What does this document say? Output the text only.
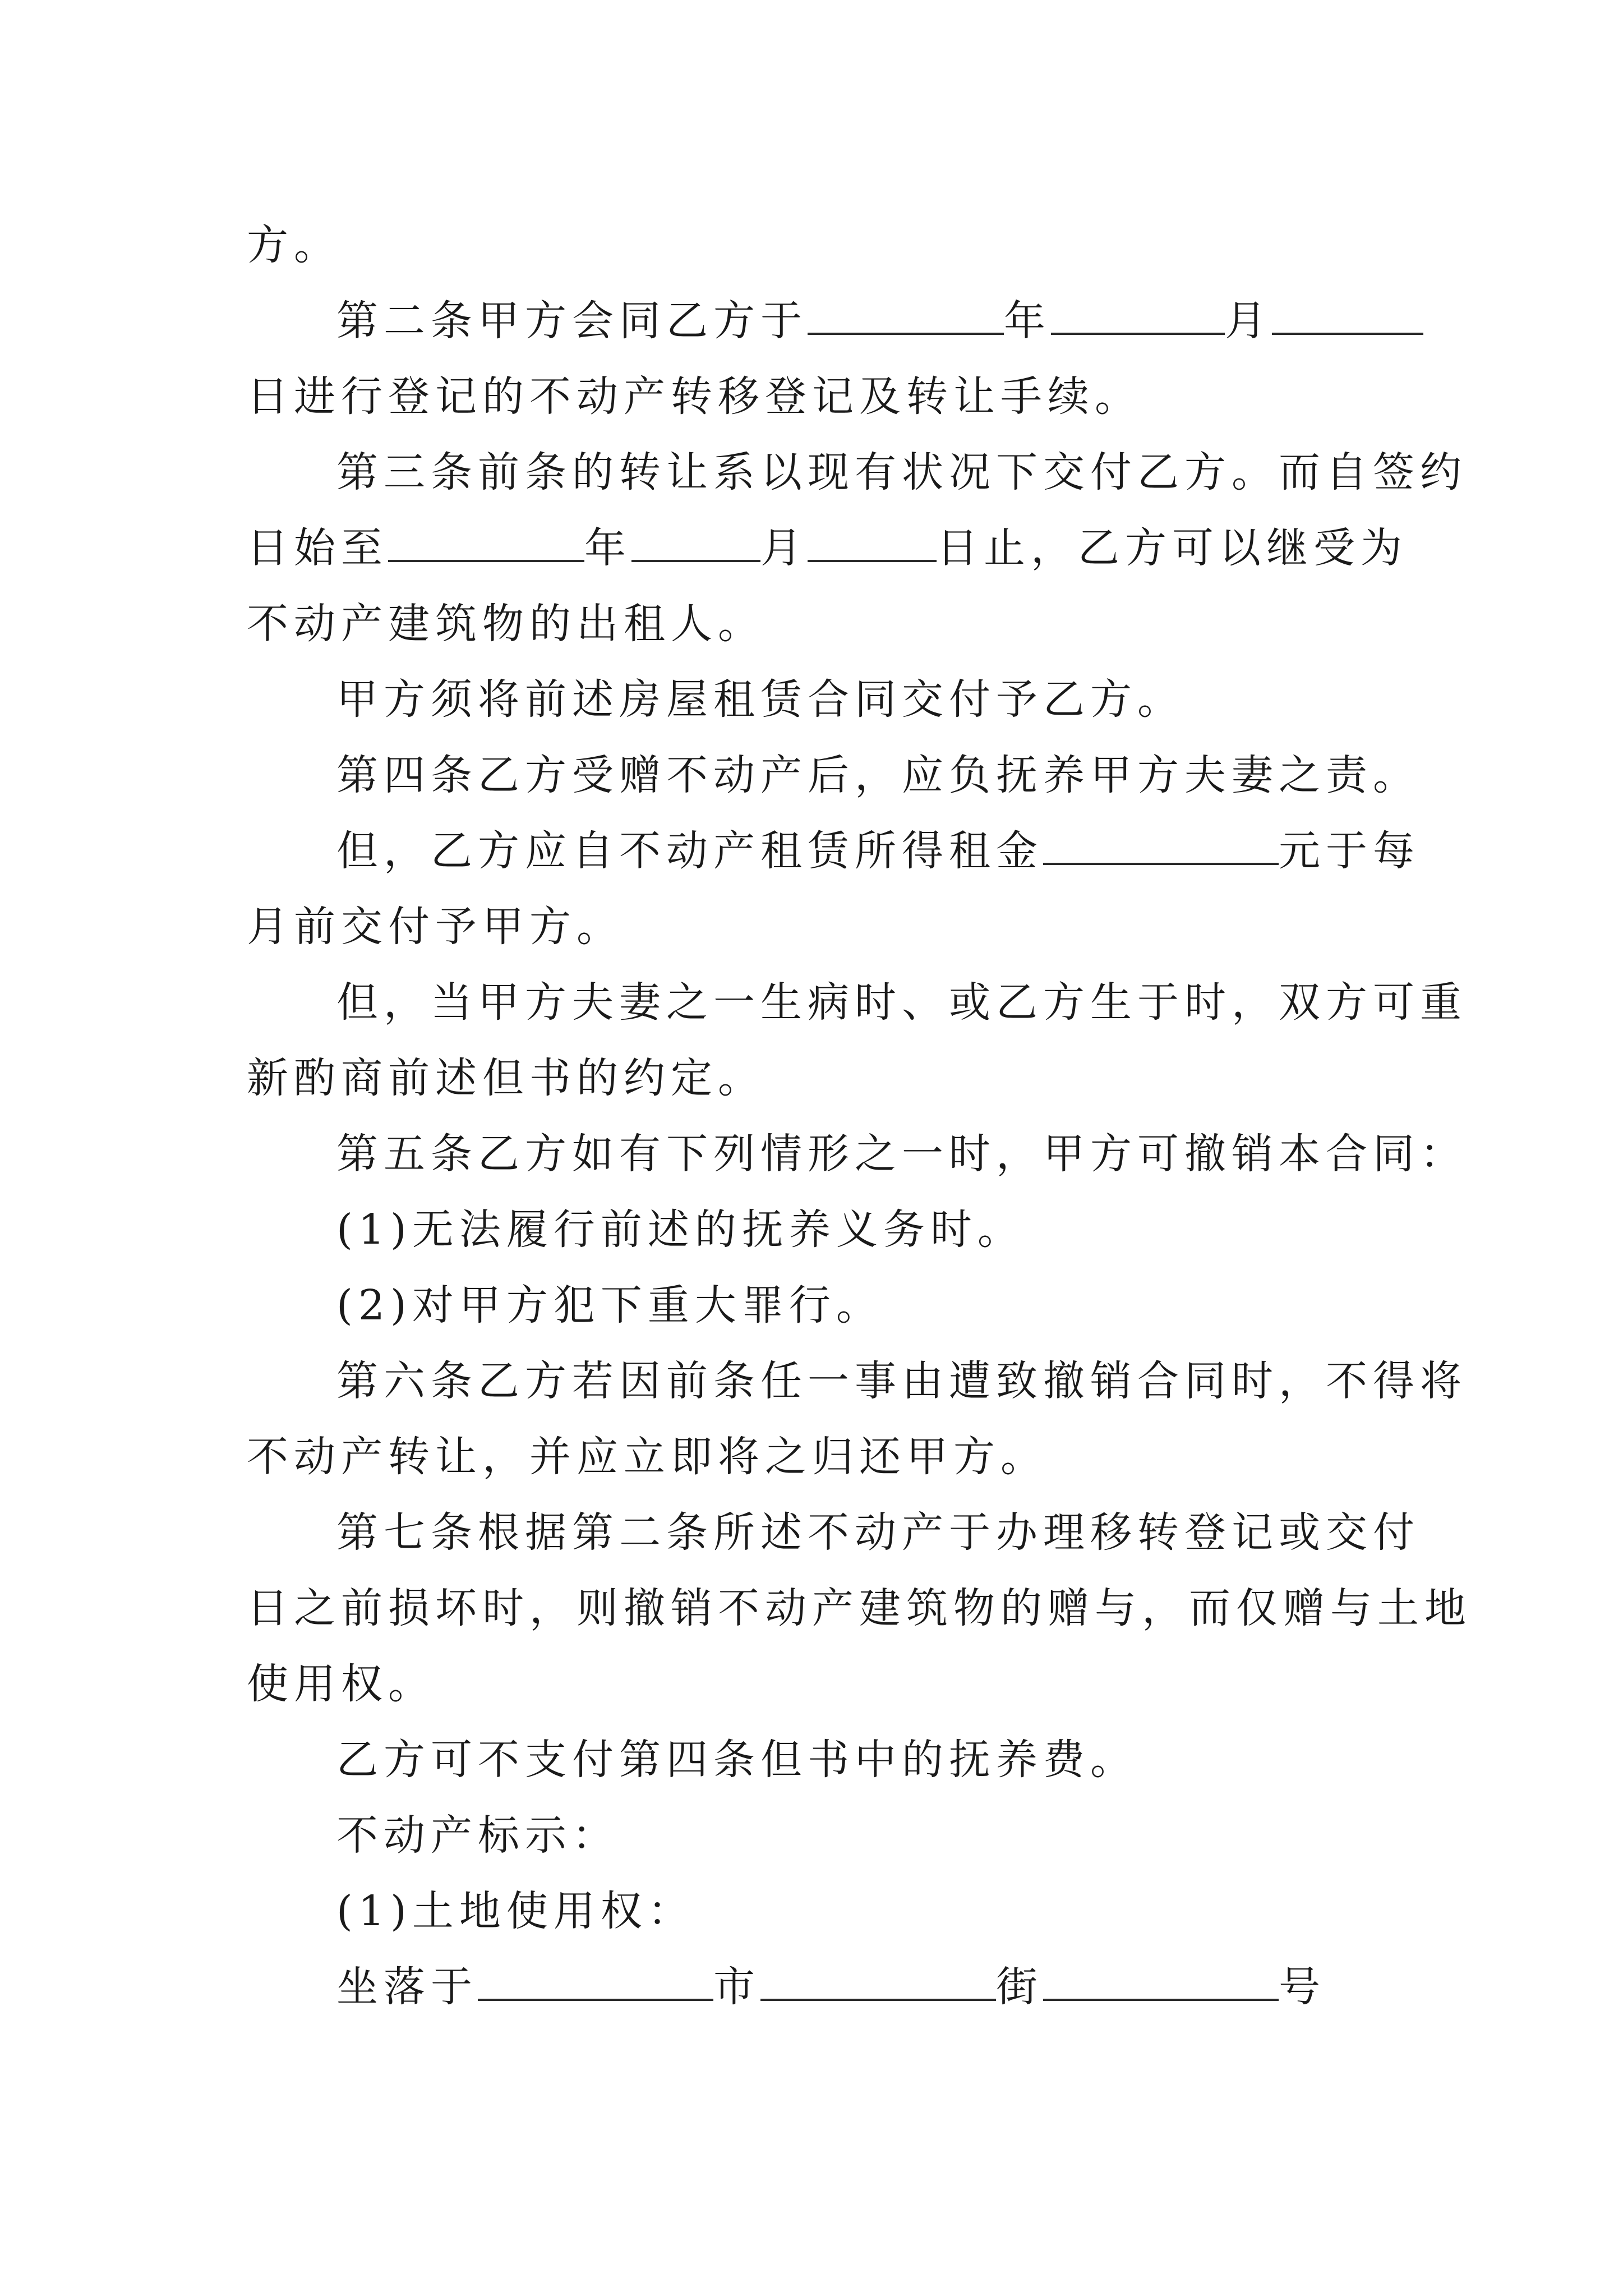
方。
第二条甲方会同乙方于	年	月
日进行登记的不动产转移登记及转让手续。
第三条前条的转让系以现有状况下交付乙方。而自签约
日始至	年	月	日止，乙方可以继受为
不动产建筑物的出租人。
甲方须将前述房屋租赁合同交付予乙方。
第四条乙方受赠不动产后，应负抚养甲方夫妻之责。
但，乙方应自不动产租赁所得租金	元于每
月前交付予甲方。
但，当甲方夫妻之一生病时、或乙方生于时，双方可重
新酌商前述但书的约定。
第五条乙方如有下列情形之一时，甲方可撤销本合同：
(1)无法履行前述的抚养义务时。
(2)对甲方犯下重大罪行。
第六条乙方若因前条任一事由遭致撤销合同时，不得将
不动产转让，并应立即将之归还甲方。
第七条根据第二条所述不动产于办理移转登记或交付
日之前损坏时，则撤销不动产建筑物的赠与，而仅赠与土地
使用权。
乙方可不支付第四条但书中的抚养费。
不动产标示：
(1)土地使用权：
坐落于	市	街	号
